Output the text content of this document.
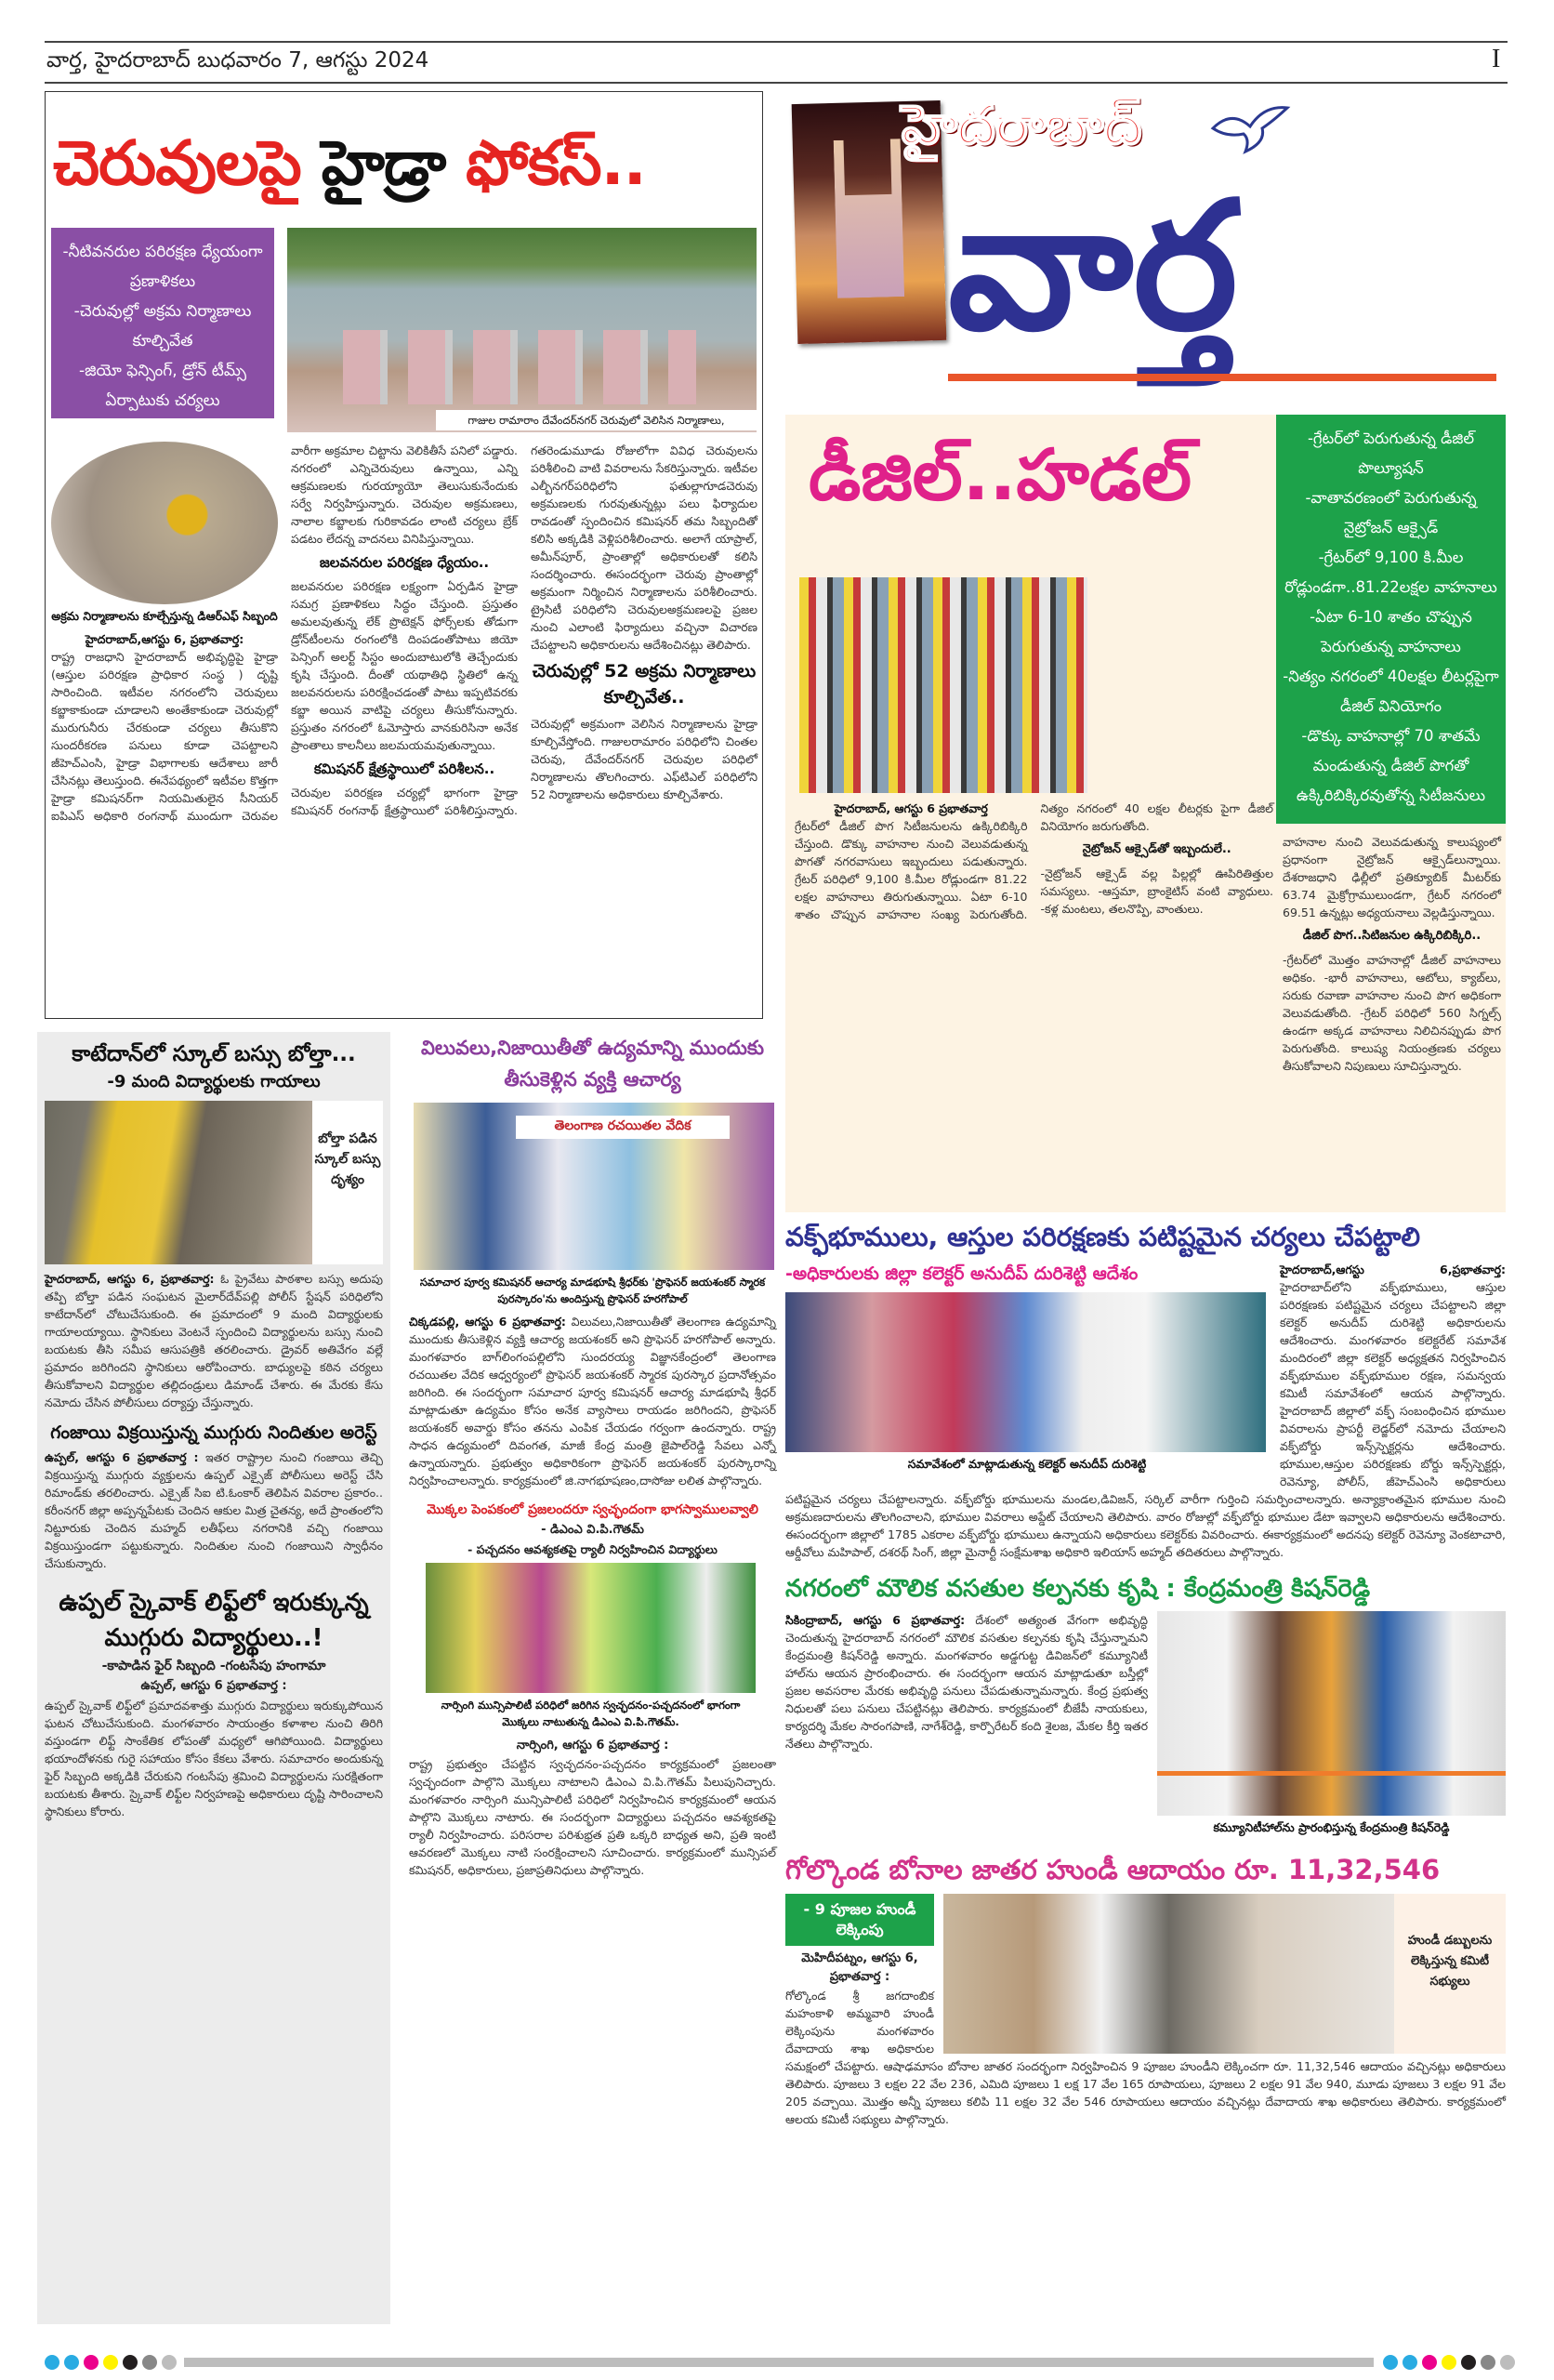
వార్త, హైదరాబాద్ బుధవారం 7, ఆగస్టు 2024	I
చెరువులపై హైడ్రా ఫోకస్..
-నీటివనరుల పరిరక్షణ ధ్యేయంగా ప్రణాళికలు
-చెరువుల్లో అక్రమ నిర్మాణాలు కూల్చివేత
-జియో ఫెన్సింగ్, డ్రోన్ టీమ్స్ ఏర్పాటుకు చర్యలు
గాజుల రామారాం దేవేందర్‌నగర్ చెరువులో వెలిసిన నిర్మాణాలు,
అక్రమ నిర్మాణాలను కూల్చేస్తున్న డిఆర్ఎఫ్ సిబ్బంది
హైదరాబాద్,ఆగస్టు 6, ప్రభాతవార్త:
రాష్ట్ర రాజధాని హైదరాబాద్ అభివృద్ధిపై హైడ్రా (ఆస్తుల పరిరక్షణ ప్రాధికార సంస్థ ) దృష్టి సారించింది. ఇటీవల నగరంలోని చెరువులు కబ్జాకాకుండా చూడాలని అంతేకాకుండా చెరువుల్లో మురుగునీరు చేరకుండా చర్యలు తీసుకొని సుందరీకరణ పనులు కూడా చెపట్టాలని జీహెచ్ఎంసి, హైడ్రా విభాగాలకు ఆదేశాలు జారీ చేసినట్లు తెలుస్తుంది. ఈనేపథ్యంలో ఇటీవల కొత్తగా హైడ్రా కమిషనర్‌గా నియమితులైన సీనియర్ ఐపిఎస్ అధికారి రంగనాథ్ ముందుగా చెరువల వారీగా అక్రమాల చిట్టాను వెలికితీసే పనిలో పడ్డారు. నగరంలో ఎన్నిచెరువులు ఉన్నాయి, ఎన్ని ఆక్రమణలకు గురయ్యాయో తెలుసుకునేందుకు సర్వే నిర్వహిస్తున్నారు. చెరువుల అక్రమణలు, నాలాల కబ్జాలకు గురికావడం లాంటి చర్యలు బ్రేక్ పడటం లేదన్న వాదనలు వినిపిస్తున్నాయి.
జలవనరుల పరిరక్షణ ధ్యేయం..
జలవనరుల పరిరక్షణ లక్ష్యంగా ఏర్పడిన హైడ్రా సమగ్ర ప్రణాళికలు సిద్ధం చేస్తుంది. ప్రస్తుతం అమలవుతున్న లేక్ ప్రొటెక్షన్ ఫోర్స్‌లకు తోడుగా డ్రోన్‌టీంలను రంగంలోకి దింపడంతోపాటు జియో పెన్సింగ్ అలర్ట్ సిస్టం అందుబాటులోకి తెచ్చేందుకు కృషి చేస్తుంది. దీంతో యథాతిధి స్థితిలో ఉన్న జలవనరులను పరిరక్షించడంతో పాటు ఇప్పటివరకు కబ్జా అయిన వాటిపై చర్యలు తీసుకోనున్నారు. ప్రస్తుతం నగరంలో ఓమోస్తారు వానకురిసినా అనేక ప్రాంతాలు కాలనీలు జలమయమవుతున్నాయి.
కమిషనర్ క్షేత్రస్థాయిలో పరిశీలన..
చెరువుల పరిరక్షణ చర్యల్లో భాగంగా హైడ్రా కమిషనర్ రంగనాథ్ క్షేత్రస్థాయిలో పరిశీలిస్తున్నారు. గతరెండుమూడు రోజులోగా వివిధ చెరువులను పరిశీలించి వాటి వివరాలను సేకరిస్తున్నారు. ఇటీవల ఎల్బీనగర్‌పరిధిలోని ఫతుల్లాగూడచెరువు అక్రమణలకు గురవుతున్నట్లు పలు ఫిర్యాదుల రావడంతో స్పందించిన కమిషనర్ తమ సిబ్బందితో కలిసి అక్కడికి వెళ్లిపరిశీలించారు. అలాగే యాప్రాల్, అమీన్‌పూర్, ప్రాంతాల్లో అధికారులతో కలిసి సందర్శించారు. ఈసందర్భంగా చెరువు ప్రాంతాల్లో అక్రమంగా నిర్మించిన నిర్మాణాలను పరిశీలించారు. ట్రైసిటీ పరిధిలోని చెరువులఅక్రమణలపై ప్రజల నుంచి ఎలాంటి ఫిర్యాదులు వచ్చినా విచారణ చేపట్టాలని అధికారులను ఆదేశించినట్లు తెలిపారు.
చెరువుల్లో 52 అక్రమ నిర్మాణాలు కూల్చివేత..
చెరువుల్లో అక్రమంగా వెలిసిన నిర్మాణాలను హైడ్రా కూల్చివేస్తోంది. గాజులరామారం పరిధిలోని చింతల చెరువు, దేవేందర్‌నగర్ చెరువుల పరిధిలో నిర్మాణాలను తొలగించారు. ఎఫ్‌టిఎల్ పరిధిలోని 52 నిర్మాణాలను అధికారులు కూల్చివేశారు.
హైదరాబాద్
వార్త
డీజిల్..హడల్	-గ్రేటర్‌లో పెరుగుతున్న డీజిల్ పొల్యూషన్
-వాతావరణంలో పెరుగుతున్న నైట్రోజన్ ఆక్సైడ్
-గ్రేటర్‌లో 9,100 కి.మీల రోడ్లుండగా..81.22లక్షల వాహనాలు
-ఏటా 6-10 శాతం చొప్పున పెరుగుతున్న వాహనాలు
-నిత్యం నగరంలో 40లక్షల లీటర్లపైగా డీజిల్ వినియోగం
-డొక్కు వాహనాల్లో 70 శాతమే మండుతున్న డీజిల్ పొగతో ఉక్కిరిబిక్కిరవుతోన్న సిటీజనులు
హైదరాబాద్, ఆగస్టు 6 ప్రభాతవార్త
గ్రేటర్‌లో డీజిల్ పొగ సిటీజనులను ఉక్కిరిబిక్కిరి చేస్తుంది. డొక్కు వాహనాల నుంచి వెలువడుతున్న పొగతో నగరవాసులు ఇబ్బందులు పడుతున్నారు. గ్రేటర్ పరిధిలో 9,100 కి.మీల రోడ్లుండగా 81.22 లక్షల వాహనాలు తిరుగుతున్నాయి. ఏటా 6-10 శాతం చొప్పున వాహనాల సంఖ్య పెరుగుతోంది. నిత్యం నగరంలో 40 లక్షల లీటర్లకు పైగా డీజిల్ వినియోగం జరుగుతోంది.
నైట్రోజన్ ఆక్సైడ్‌తో ఇబ్బందులే..
-నైట్రోజన్ ఆక్సైడ్ వల్ల పిల్లల్లో ఊపిరితిత్తుల సమస్యలు. -ఆస్తమా, బ్రాంకైటిస్ వంటి వ్యాధులు. -కళ్ల మంటలు, తలనొప్పి, వాంతులు.
వాహనాల నుంచి వెలువడుతున్న కాలుష్యంలో ప్రధానంగా నైట్రోజన్ ఆక్సైడ్‌లున్నాయి. దేశరాజధాని ఢిల్లీలో ప్రతిక్యూబిక్ మీటర్‌కు 63.74 మైక్రోగ్రాములుండగా, గ్రేటర్ నగరంలో 69.51 ఉన్నట్లు అధ్యయనాలు వెల్లడిస్తున్నాయి.
డీజిల్ పొగ..సిటిజనుల ఉక్కిరిబిక్కిరి..
-గ్రేటర్‌లో మొత్తం వాహనాల్లో డీజిల్ వాహనాలు అధికం. -భారీ వాహనాలు, ఆటోలు, క్యాబ్‌లు, సరుకు రవాణా వాహనాల నుంచి పొగ అధికంగా వెలువడుతోంది. -గ్రేటర్ పరిధిలో 560 సిగ్నల్స్ ఉండగా అక్కడ వాహనాలు నిలిచినప్పుడు పొగ పెరుగుతోంది. కాలుష్య నియంత్రణకు చర్యలు తీసుకోవాలని నిపుణులు సూచిస్తున్నారు.
కాటేదాన్‌లో స్కూల్ బస్సు బోల్తా...
-9 మంది విద్యార్థులకు గాయాలు
బోల్తా పడిన స్కూల్ బస్సు దృశ్యం
హైదరాబాద్, ఆగస్టు 6, ప్రభాతవార్త: ఓ ప్రైవేటు పాఠశాల బస్సు అదుపు తప్పి బోల్తా పడిన సంఘటన మైలార్‌దేవ్‌పల్లి పోలీస్ స్టేషన్ పరిధిలోని కాటేదాన్‌లో చోటుచేసుకుంది. ఈ ప్రమాదంలో 9 మంది విద్యార్థులకు గాయాలయ్యాయి. స్థానికులు వెంటనే స్పందించి విద్యార్థులను బస్సు నుంచి బయటకు తీసి సమీప ఆసుపత్రికి తరలించారు. డ్రైవర్ అతివేగం వల్లే ప్రమాదం జరిగిందని స్థానికులు ఆరోపించారు. బాధ్యులపై కఠిన చర్యలు తీసుకోవాలని విద్యార్థుల తల్లిదండ్రులు డిమాండ్ చేశారు. ఈ మేరకు కేసు నమోదు చేసిన పోలీసులు దర్యాప్తు చేస్తున్నారు.
గంజాయి విక్రయిస్తున్న ముగ్గురు నిందితుల అరెస్ట్
ఉప్పల్, ఆగస్టు 6 ప్రభాతవార్త : ఇతర రాష్ట్రాల నుంచి గంజాయి తెచ్చి విక్రయిస్తున్న ముగ్గురు వ్యక్తులను ఉప్పల్ ఎక్సైజ్ పోలీసులు అరెస్ట్ చేసి రిమాండ్‌కు తరలించారు. ఎక్సైజ్ సిఐ టి.ఓంకార్ తెలిపిన వివరాల ప్రకారం.. కరీంనగర్ జిల్లా అప్పన్నపేటకు చెందిన ఆకుల మిత్ర చైతన్య, అదే ప్రాంతంలోని నిట్టూరుకు చెందిన మహ్మద్ లతీఫ్‌లు నగరానికి వచ్చి గంజాయి విక్రయిస్తుండగా పట్టుకున్నారు. నిందితుల నుంచి గంజాయిని స్వాధీనం చేసుకున్నారు.
ఉప్పల్ స్కైవాక్ లిఫ్ట్‌లో ఇరుక్కున్న ముగ్గురు విద్యార్థులు..!
-కాపాడిన ఫైర్ సిబ్బంది -గంటసేపు హంగామా
ఉప్పల్, ఆగస్టు 6 ప్రభాతవార్త :
ఉప్పల్ స్కైవాక్ లిఫ్ట్‌లో ప్రమాదవశాత్తు ముగ్గురు విద్యార్థులు ఇరుక్కుపోయిన ఘటన చోటుచేసుకుంది. మంగళవారం సాయంత్రం కళాశాల నుంచి తిరిగి వస్తుండగా లిఫ్ట్ సాంకేతిక లోపంతో మధ్యలో ఆగిపోయింది. విద్యార్థులు భయాందోళనకు గురై సహాయం కోసం కేకలు వేశారు. సమాచారం అందుకున్న ఫైర్ సిబ్బంది అక్కడికి చేరుకుని గంటసేపు శ్రమించి విద్యార్థులను సురక్షితంగా బయటకు తీశారు. స్కైవాక్ లిఫ్ట్‌ల నిర్వహణపై అధికారులు దృష్టి సారించాలని స్థానికులు కోరారు.
విలువలు,నిజాయితీతో ఉద్యమాన్ని ముందుకు తీసుకెళ్లిన వ్యక్తి ఆచార్య
తెలంగాణ రచయితల వేదిక
సమాచార పూర్వ కమిషనర్ ఆచార్య మాడభూషి శ్రీధర్‌కు 'ప్రొఫెసర్ జయశంకర్ స్మారక పురస్కారం'ను అందిస్తున్న ప్రొఫెసర్ హరగోపాల్
చిక్కడపల్లి, ఆగస్టు 6 ప్రభాతవార్త: విలువలు,నిజాయితీతో తెలంగాణ ఉద్యమాన్ని ముందుకు తీసుకెళ్లిన వ్యక్తి ఆచార్య జయశంకర్ అని ప్రొఫెసర్ హరగోపాల్ అన్నారు. మంగళవారం బాగ్‌లింగంపల్లిలోని సుందరయ్య విజ్ఞానకేంద్రంలో తెలంగాణ రచయితల వేదిక ఆధ్వర్యంలో ప్రొఫెసర్ జయశంకర్ స్మారక పురస్కార ప్రదానోత్సవం జరిగింది. ఈ సందర్భంగా సమాచార పూర్వ కమిషనర్ ఆచార్య మాడభూషి శ్రీధర్ మాట్లాడుతూ ఉద్యమం కోసం అనేక వ్యాసాలు రాయడం జరిగిందని, ప్రొఫెసర్ జయశంకర్ అవార్డు కోసం తనను ఎంపిక చేయడం గర్వంగా ఉందన్నారు. రాష్ట్ర సాధన ఉద్యమంలో దివంగత, మాజీ కేంద్ర మంత్రి జైపాల్‌రెడ్డి సేవలు ఎన్నో ఉన్నాయన్నారు. ప్రభుత్వం అధికారికంగా ప్రొఫెసర్ జయశంకర్ పురస్కారాన్ని నిర్వహించాలన్నారు. కార్యక్రమంలో జి.నాగభూషణం,దాసోజు లలిత పాల్గొన్నారు.
మొక్కల పెంపకంలో ప్రజలందరూ స్వచ్ఛందంగా భాగస్వాములవ్వాలి
- డిఎంఎ వి.పి.గౌతమ్
- పచ్చదనం ఆవశ్యకతపై ర్యాలీ నిర్వహించిన విద్యార్థులు
నార్సింగి మున్సిపాలిటీ పరిధిలో జరిగిన స్వచ్ఛదనం-పచ్చదనంలో భాగంగా మొక్కలు నాటుతున్న డిఎంఎ వి.పి.గౌతమ్.
నార్సింగి, ఆగస్టు 6 ప్రభాతవార్త :
రాష్ట్ర ప్రభుత్వం చేపట్టిన స్వచ్ఛదనం-పచ్చదనం కార్యక్రమంలో ప్రజలంతా స్వచ్ఛందంగా పాల్గొని మొక్కలు నాటాలని డిఎంఎ వి.పి.గౌతమ్ పిలుపునిచ్చారు. మంగళవారం నార్సింగి మున్సిపాలిటీ పరిధిలో నిర్వహించిన కార్యక్రమంలో ఆయన పాల్గొని మొక్కలు నాటారు. ఈ సందర్భంగా విద్యార్థులు పచ్చదనం ఆవశ్యకతపై ర్యాలీ నిర్వహించారు. పరిసరాల పరిశుభ్రత ప్రతి ఒక్కరి బాధ్యత అని, ప్రతి ఇంటి ఆవరణలో మొక్కలు నాటి సంరక్షించాలని సూచించారు. కార్యక్రమంలో మున్సిపల్ కమిషనర్, అధికారులు, ప్రజాప్రతినిధులు పాల్గొన్నారు.
వక్ఫ్‌భూములు, ఆస్తుల పరిరక్షణకు పటిష్టమైన చర్యలు చేపట్టాలి
-అధికారులకు జిల్లా కలెక్టర్ అనుదీప్ దురిశెట్టి ఆదేశం
సమావేశంలో మాట్లాడుతున్న కలెక్టర్ అనుదీప్ దురిశెట్టి
హైదరాబాద్,ఆగస్టు 6,ప్రభాతవార్త: హైదరాబాద్‌లోని వక్ఫ్‌భూములు, ఆస్తుల పరిరక్షణకు పటిష్టమైన చర్యలు చేపట్టాలని జిల్లా కలెక్టర్ అనుదీప్ దురిశెట్టి అధికారులను ఆదేశించారు. మంగళవారం కలెక్టరేట్ సమావేశ మందిరంలో జిల్లా కలెక్టర్ అధ్యక్షతన నిర్వహించిన వక్ఫ్‌భూముల వక్ఫ్‌భూముల రక్షణ, సమన్వయ కమిటీ సమావేశంలో ఆయన పాల్గొన్నారు. హైదరాబాద్ జిల్లాలో వక్ఫ్ సంబంధించిన భూముల వివరాలను ప్రాపర్టీ లెడ్జర్‌లో నమోదు చేయాలని వక్ఫ్‌బోర్డు ఇన్స్‌స్పెక్టర్లను ఆదేశించారు. భూముల,ఆస్తుల పరిరక్షణకు బోర్డు ఇన్స్‌స్పెక్టర్లు, రెవెన్యూ, పోలీస్, జీహెచ్ఎంసి అధికారులు పటిష్టమైన చర్యలు చేపట్టాలన్నారు. వక్ఫ్‌బోర్డు భూములను మండల,డివిజన్, సర్కిల్ వారీగా గుర్తించి సమర్పించాలన్నారు. అన్యాక్రాంతమైన భూముల నుంచి అక్రమణదారులను తొలగించాలని, భూముల వివరాలు అప్డేట్ చేయాలని తెలిపారు. వారం రోజుల్లో వక్ఫ్‌బోర్డు భూముల డేటా ఇవ్వాలని అధికారులను ఆదేశించారు. ఈసందర్భంగా జిల్లాలో 1785 ఎకరాల వక్ఫ్‌బోర్డు భూములు ఉన్నాయని అధికారులు కలెక్టర్‌కు వివరించారు. ఈకార్యక్రమంలో అదనపు కలెక్టర్ రెవెన్యూ వెంకటాచారి, ఆర్డీవోలు మహిపాల్, దశరథ్ సింగ్, జిల్లా మైనార్టీ సంక్షేమశాఖ అధికారి ఇలియాస్ అహ్మద్ తదితరులు పాల్గొన్నారు.
నగరంలో మౌలిక వసతుల కల్పనకు కృషి : కేంద్రమంత్రి కిషన్‌రెడ్డి
సికింద్రాబాద్, ఆగస్టు 6 ప్రభాతవార్త: దేశంలో అత్యంత వేగంగా అభివృద్ధి చెందుతున్న హైదరాబాద్ నగరంలో మౌలిక వసతుల కల్పనకు కృషి చేస్తున్నామని కేంద్రమంత్రి కిషన్‌రెడ్డి అన్నారు. మంగళవారం అడ్డగుట్ట డివిజన్‌లో కమ్యూనిటీ హాల్‌ను ఆయన ప్రారంభించారు. ఈ సందర్భంగా ఆయన మాట్లాడుతూ బస్తీల్లో ప్రజల అవసరాల మేరకు అభివృద్ధి పనులు చేపడుతున్నామన్నారు. కేంద్ర ప్రభుత్వ నిధులతో పలు పనులు చేపట్టినట్లు తెలిపారు. కార్యక్రమంలో బీజేపీ నాయకులు, కార్యదర్శి మేకల సారంగపాణి, నాగేశ్‌రెడ్డి, కార్పొరేటర్ కంది శైలజ, మేకల కీర్తి ఇతర నేతలు పాల్గొన్నారు.
కమ్యూనిటీహాల్‌ను ప్రారంభిస్తున్న కేంద్రమంత్రి కిషన్‌రెడ్డి
గోల్కొండ బోనాల జాతర హుండీ ఆదాయం రూ. 11,32,546
హుండీ డబ్బులను లెక్కిస్తున్న కమిటీ సభ్యులు
- 9 పూజల హుండీ లెక్కింపు
మెహిదీపట్నం, ఆగస్టు 6, ప్రభాతవార్త :
గోల్కొండ శ్రీ జగదాంబిక మహంకాళి అమ్మవారి హుండీ లెక్కింపును మంగళవారం దేవాదాయ శాఖ అధికారుల సమక్షంలో చేపట్టారు. ఆషాఢమాసం బోనాల జాతర సందర్భంగా నిర్వహించిన 9 పూజల హుండీని లెక్కించగా రూ. 11,32,546 ఆదాయం వచ్చినట్లు అధికారులు తెలిపారు. పూజలు 3 లక్షల 22 వేల 236, ఎమిది పూజలు 1 లక్ష 17 వేల 165 రూపాయలు, పూజలు 2 లక్షల 91 వేల 940, మూడు పూజలు 3 లక్షల 91 వేల 205 వచ్చాయి. మొత్తం అన్నీ పూజలు కలిపి 11 లక్షల 32 వేల 546 రూపాయలు ఆదాయం వచ్చినట్లు దేవాదాయ శాఖ అధికారులు తెలిపారు. కార్యక్రమంలో ఆలయ కమిటీ సభ్యులు పాల్గొన్నారు.
